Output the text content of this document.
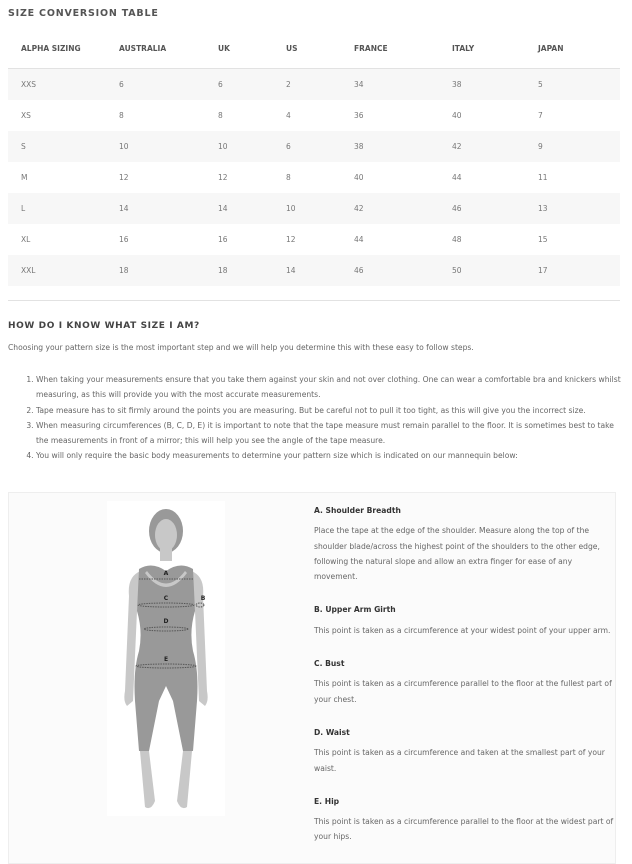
SIZE CONVERSION TABLE
ALPHA SIZING	AUSTRALIA	UK	US	FRANCE	ITALY	JAPAN
XXS	6	6	2	34	38	5
XS	8	8	4	36	40	7
S	10	10	6	38	42	9
M	12	12	8	40	44	11
L	14	14	10	42	46	13
XL	16	16	12	44	48	15
XXL	18	18	14	46	50	17
HOW DO I KNOW WHAT SIZE I AM?
Choosing your pattern size is the most important step and we will help you determine this with these easy to follow steps.
1. When taking your measurements ensure that you take them against your skin and not over clothing. One can wear a comfortable bra and knickers whilst measuring, as this will provide you with the most accurate measurements.
2. Tape measure has to sit firmly around the points you are measuring. But be careful not to pull it too tight, as this will give you the incorrect size.
3. When measuring circumferences (B, C, D, E) it is important to note that the tape measure must remain parallel to the floor. It is sometimes best to take the measurements in front of a mirror; this will help you see the angle of the tape measure.
4. You will only require the basic body measurements to determine your pattern size which is indicated on our mannequin below:
A
B
C
D
E
A. Shoulder Breadth

Place the tape at the edge of the shoulder. Measure along the top of the shoulder blade/across the highest point of the shoulders to the other edge, following the natural slope and allow an extra finger for ease of any movement.

B. Upper Arm Girth

This point is taken as a circumference at your widest point of your upper arm.

C. Bust

This point is taken as a circumference parallel to the floor at the fullest part of your chest.

D. Waist

This point is taken as a circumference and taken at the smallest part of your waist.

E. Hip

This point is taken as a circumference parallel to the floor at the widest part of your hips.
